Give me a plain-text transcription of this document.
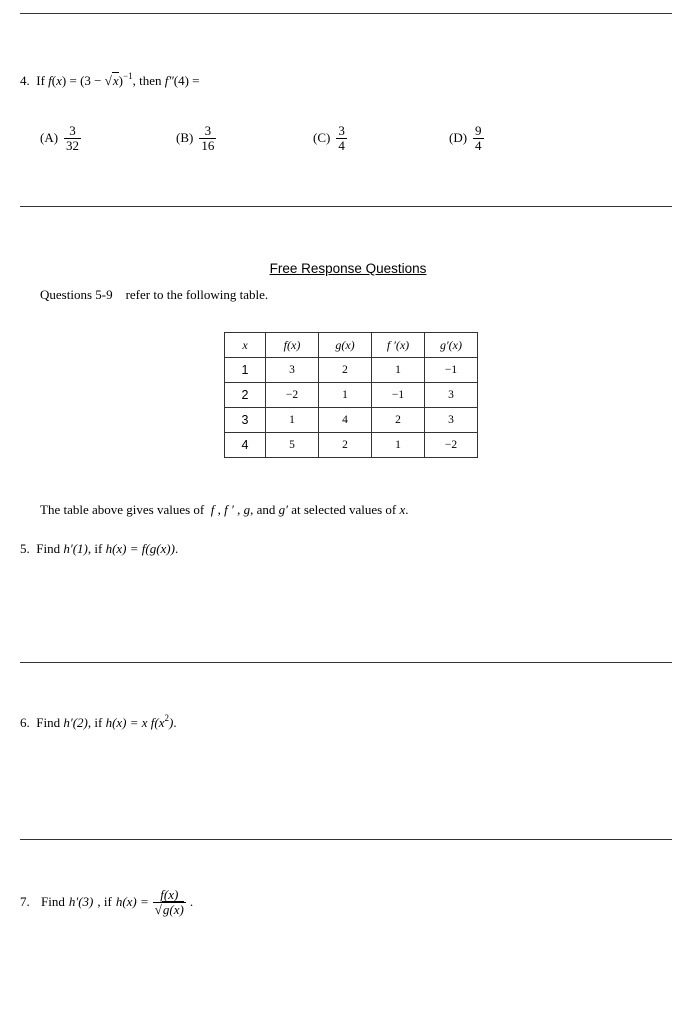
4. If $f(x) = (3 - √x)^{-1}$, then f″(4) =
$(A) \frac{3}{32}$	$(B) \frac{3}{16}$	$(C) \frac{3}{4}$	$(D) \frac{9}{4}$
Free Response Questions
Questions 5-9    refer to the following table.
x	f(x)	g(x)	f ′(x)	g′(x)
1	3	2	1	−1
2	−2	1	−1	3
3	1	4	2	3
4	5	2	1	−2
The table above gives values of f , f ′ , g, and g′ at selected values of x.
5. Find h′(1), if h(x) = f(g(x)).
6. Find h′(2), if h(x) = x $f(x^2)$.
7.
Find h′(3) , if $h(x) = \frac{f(x)}{√g(x)}$ .
